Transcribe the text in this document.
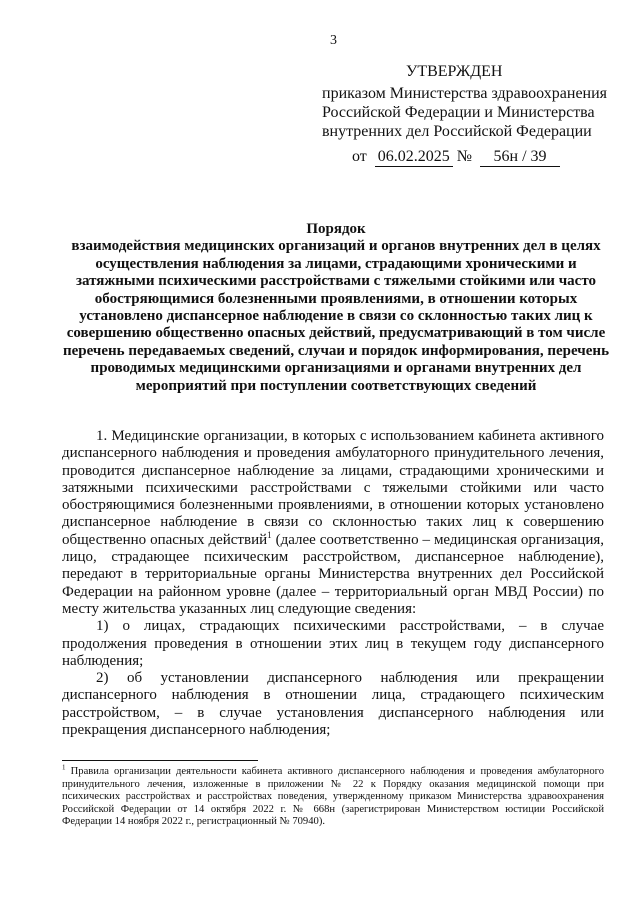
3
УТВЕРЖДЕН
приказом Министерства здравоохранения
Российской Федерации и Министерства
внутренних дел Российской Федерации
от 06.02.2025 № 56н / 39
Порядок
взаимодействия медицинских организаций и органов внутренних дел в целях осуществления наблюдения за лицами, страдающими хроническими и затяжными психическими расстройствами с тяжелыми стойкими или часто обостряющимися болезненными проявлениями, в отношении которых установлено диспансерное наблюдение в связи со склонностью таких лиц к совершению общественно опасных действий, предусматривающий в том числе перечень передаваемых сведений, случаи и порядок информирования, перечень проводимых медицинскими организациями и органами внутренних дел мероприятий при поступлении соответствующих сведений

1. Медицинские организации, в которых с использованием кабинета активного диспансерного наблюдения и проведения амбулаторного принудительного лечения, проводится диспансерное наблюдение за лицами, страдающими хроническими и затяжными психическими расстройствами с тяжелыми стойкими или часто обостряющимися болезненными проявлениями, в отношении которых установлено диспансерное наблюдение в связи со склонностью таких лиц к совершению общественно опасных действий$^1$ (далее соответственно – медицинская организация, лицо, страдающее психическим расстройством, диспансерное наблюдение), передают в территориальные органы Министерства внутренних дел Российской Федерации на районном уровне (далее – территориальный орган МВД России) по месту жительства указанных лиц следующие сведения:

1) о лицах, страдающих психическими расстройствами, – в случае продолжения проведения в отношении этих лиц в текущем году диспансерного наблюдения;

2) об установлении диспансерного наблюдения или прекращении диспансерного наблюдения в отношении лица, страдающего психическим расстройством, – в случае установления диспансерного наблюдения или прекращения диспансерного наблюдения;

$^1$ Правила организации деятельности кабинета активного диспансерного наблюдения и проведения амбулаторного принудительного лечения, изложенные в приложении № 22 к Порядку оказания медицинской помощи при психических расстройствах и расстройствах поведения, утвержденному приказом Министерства здравоохранения Российской Федерации от 14 октября 2022 г. № 668н (зарегистрирован Министерством юстиции Российской Федерации 14 ноября 2022 г., регистрационный № 70940).
